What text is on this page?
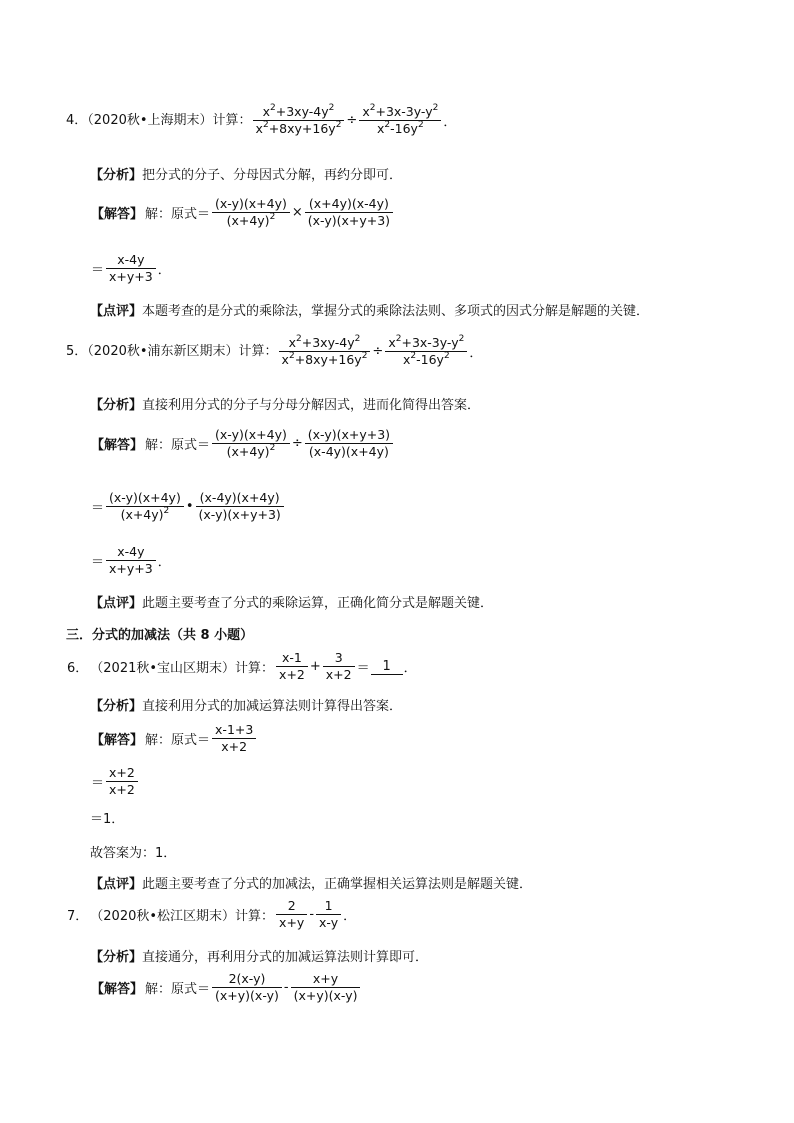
4．（2020秋•上海期末）计算： $\frac{x^2+3xy-4y^2}{x^2+8xy+16y^2} \div \frac{x^2+3x-3y-y^2}{x^2-16y^2}$ ．
【分析】把分式的分子、分母因式分解，再约分即可．
【解答】 解：原式＝ $\frac{(x-y)(x+4y)}{(x+4y)^2} \times \frac{(x+4y)(x-4y)}{(x-y)(x+y+3)}$
＝ $\frac{x-4y}{x+y+3}$ ．
【点评】本题考查的是分式的乘除法，掌握分式的乘除法法则、多项式的因式分解是解题的关键．
5．（2020秋•浦东新区期末）计算： $\frac{x^2+3xy-4y^2}{x^2+8xy+16y^2} \div \frac{x^2+3x-3y-y^2}{x^2-16y^2}$ ．
【分析】直接利用分式的分子与分母分解因式，进而化简得出答案．
【解答】 解：原式＝ $\frac{(x-y)(x+4y)}{(x+4y)^2} \div \frac{(x-y)(x+y+3)}{(x-4y)(x+4y)}$
＝ $\frac{(x-y)(x+4y)}{(x+4y)^2}$ • $\frac{(x-4y)(x+4y)}{(x-y)(x+y+3)}$
＝ $\frac{x-4y}{x+y+3}$ ．
【点评】此题主要考查了分式的乘除运算，正确化简分式是解题关键．
三．分式的加减法（共 8 小题）
6． （2021秋•宝山区期末）计算： $\frac{x-1}{x+2} + \frac{3}{x+2} = 1$ ．
【分析】直接利用分式的加减运算法则计算得出答案．
【解答】 解：原式＝ $\frac{x-1+3}{x+2}$
＝ $\frac{x+2}{x+2}$
＝1．
故答案为：1．
【点评】此题主要考查了分式的加减法，正确掌握相关运算法则是解题关键．
7． （2020秋•松江区期末）计算： $\frac{2}{x+y} - \frac{1}{x-y}$ ．
【分析】直接通分，再利用分式的加减运算法则计算即可．
【解答】 解：原式＝ $\frac{2(x-y)}{(x+y)(x-y)} - \frac{x+y}{(x+y)(x-y)}$
